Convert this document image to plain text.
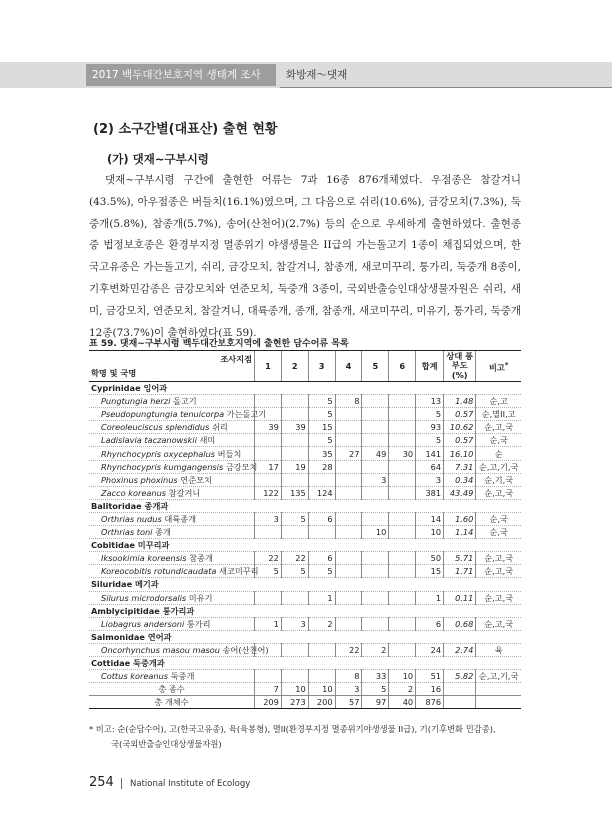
2017 백두대간보호지역 생태계 조사	화방재～댓재
(2) 소구간별(대표산) 출현 현황
(가) 댓재~구부시령
댓재~구부시령 구간에 출현한 어류는 7과 16종 876개체였다. 우점종은 참갈겨니(43.5%), 아우점종은 버들치(16.1%)였으며, 그 다음으로 쉬리(10.6%), 금강모치(7.3%), 둑중개(5.8%), 참종개(5.7%), 송어(산천어)(2.7%) 등의 순으로 우세하게 출현하였다. 출현종 중 법정보호종은 환경부지정 멸종위기 야생생물은 II급의 가는돌고기 1종이 채집되었으며, 한국고유종은 가는돌고기, 쉬리, 금강모치, 참갈겨니, 참종개, 새코미꾸리, 퉁가리, 둑중개 8종이, 기후변화민감종은 금강모치와 연준모치, 둑중개 3종이, 국외반출승인대상생물자원은 쉬리, 새미, 금강모치, 연준모치, 참갈겨니, 대륙종개, 종개, 참종개, 새코미꾸리, 미유기, 퉁가리, 둑중개 12종(73.7%)이 출현하였다(표 59).
표 59. 댓재~구부시령 백두대간보호지역에 출현한 담수어류 목록
조사지점
학명 및 국명	1	2	3	4	5	6	합계	상대 풍부도 (%)	비고*
Cyprinidae 잉어과									
Pungtungia herzi 돌고기			5	8			13	1.48	순,고
Pseudopungtungia tenuicorpa 가는돌고기			5				5	0.57	순,멸II,고
Coreoleuciscus splendidus 쉬리	39	39	15				93	10.62	순,고,국
Ladislavia taczanowskii 새미			5				5	0.57	순,국
Rhynchocypris oxycephalus 버들치			35	27	49	30	141	16.10	순
Rhynchocypris kumgangensis 금강모치	17	19	28				64	7.31	순,고,기,국
Phoxinus phoxinus 연준모치					3		3	0.34	순,기,국
Zacco koreanus 참갈겨니	122	135	124				381	43.49	순,고,국
Balitoridae 종개과									
Orthrias nudus 대륙종개	3	5	6				14	1.60	순,국
Orthrias toni 종개					10		10	1.14	순,국
Cobitidae 미꾸리과									
Iksookimia koreensis 참종개	22	22	6				50	5.71	순,고,국
Koreocobitis rotundicaudata 새코미꾸리	5	5	5				15	1.71	순,고,국
Siluridae 메기과									
Silurus microdorsalis 미유기			1				1	0.11	순,고,국
Amblycipitidae 퉁가리과									
Liobagrus andersoni 퉁가리	1	3	2				6	0.68	순,고,국
Salmonidae 연어과									
Oncorhynchus masou masou 송어(산천어)				22	2		24	2.74	육
Cottidae 둑중개과									
Cottus koreanus 둑중개				8	33	10	51	5.82	순,고,기,국
총 종수	7	10	10	3	5	2	16		
총 개체수	209	273	200	57	97	40	876		
* 비고: 순(순담수어), 고(한국고유종), 육(육봉형), 멸II(환경부지정 멸종위기야생생물 II급), 기(기후변화 민감종),
국(국외반출승인대상생물자원)
254 National Institute of Ecology
